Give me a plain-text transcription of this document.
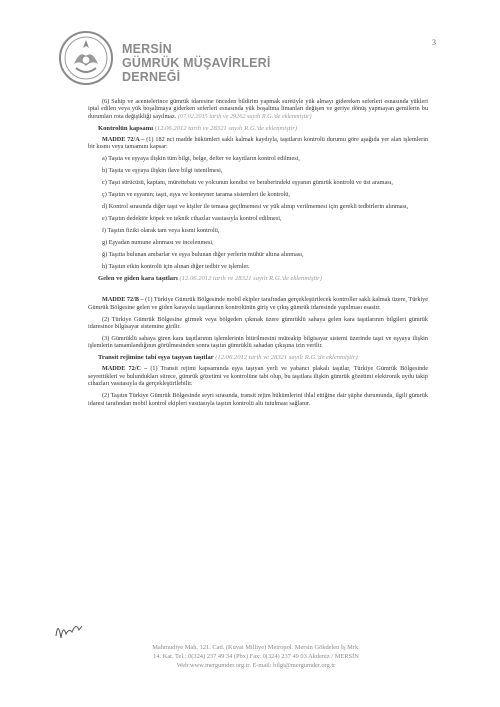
MERSİN
GÜMRÜK MÜŞAVİRLERİ
DERNEĞİ
3

(6) Sahip ve acentelerince gümrük idaresine önceden bildirim yapmak suretiyle yük almayı gidereken seferleri esnasında yükleri iptal edilen veya yük boşaltmaya giderken seferleri esnasında yük boşaltma limanları değişen ve geriye dönüş yapmayan gemilerin bu durumları rota değişikliği sayılmaz. (07.02.2015 tarih ve 29262 sayılı R.G.'de eklenmiştir)

Kontrolün kapsamı (12.06.2012 tarih ve 28321 sayılı R.G.'de eklenmiştir)

MADDE 72/A – (1) 182 nci madde hükümleri saklı kalmak kaydıyla, taşıtların kontrolü durumu göre aşağıda yer alan işlemlerin bir kısmı veya tamamını kapsar:

a) Taşıta ve eşyaya ilişkin tüm bilgi, belge, defter ve kayıtların kontrol edilmesi,

b) Taşıta ve eşyaya ilişkin ilave bilgi istenilmesi,

c) Taşıt sürücüsü, kaptanı, mürettebatı ve yolcunun kendisi ve beraberindeki eşyanın gümrük kontrolü ve üst araması,

ç) Taşıtın ve eşyanın; taşıt, eşya ve konteyner tarama sistemleri ile kontrolü,

d) Kontrol sırasında diğer taşıt ve kişiler ile temasa geçilmemesi ve yük alınıp verilmemesi için gerekli tedbirlerin alınması,

e) Taşıtın dedektör köpek ve teknik cihazlar vasıtasıyla kontrol edilmesi,

f) Taşıtın fiziki olarak tam veya kısmi kontrolü,

g) Eşyadan numune alınması ve incelenmesi,

ğ) Taşıtta bulunan ambarlar ve eşya bulunan diğer yerlerin mühür altına alınması,

h) Taşıtın etkin kontrolü için alınan diğer tedbir ve işlemler.

Gelen ve giden kara taşıtları (12.06.2012 tarih ve 28321 sayılı R.G.'de eklenmiştir)

MADDE 72/B – (1) Türkiye Gümrük Bölgesinde mobil ekipler tarafından gerçekleştirilecek kontroller saklı kalmak üzere, Türkiye Gümrük Bölgesine gelen ve giden karayolu taşıtlarının kontrolünün giriş ve çıkış gümrük idaresinde yapılması esastır.

(2) Türkiye Gümrük Bölgesine girmek veya bölgeden çıkmak üzere gümrüklü sahaya gelen kara taşıtlarının bilgileri gümrük idaresince bilgisayar sistemine girilir.

(3) Gümrüklü sahaya giren kara taşıtlarının işlemlerinin bitirilmesini müteakip bilgisayar sistemi üzerinde taşıt ve eşyaya ilişkin işlemlerin tamamlandığının görülmesinden sonra taşıtın gümrüklü sahadan çıkışına izin verilir.

Transit rejimine tabi eşya taşıyan taşıtlar (12.06.2012 tarih ve 28321 sayılı R.G.'de eklenmiştir)

MADDE 72/C – (1) Transit rejimi kapsamında eşya taşıyan yerli ve yabancı plakalı taşıtlar, Türkiye Gümrük Bölgesinde seyrettikleri ve bulundukları sürece, gümrük gözetimi ve kontrolüne tabi olup, bu taşıtlara ilişkin gümrük gözetimi elektronik uydu takip cihazları vasıtasıyla da gerçekleştirilebilir.

(2) Taşıtın Türkiye Gümrük Bölgesinde seyri sırasında, transit rejim hükümlerini ihlal ettiğine dair şüphe durumunda, ilgili gümrük idaresi tarafından mobil kontrol ekipleri vasıtasıyla taşıtın kontrolü altı tutulması sağlanır.

Mahmudiye Mah. 121. Cad. (Kuvai Milliye) Metropol. Mersin Gökdelen İş Mrk.
14. Kat. Tel.: 0(324) 237 49 34 (Pbx) Fax: 0(324) 237 49 03 Akdeniz / MERSİN
Web:www.mergumder.org.tr. E-mail: bilgi@mergumder.org.tr
